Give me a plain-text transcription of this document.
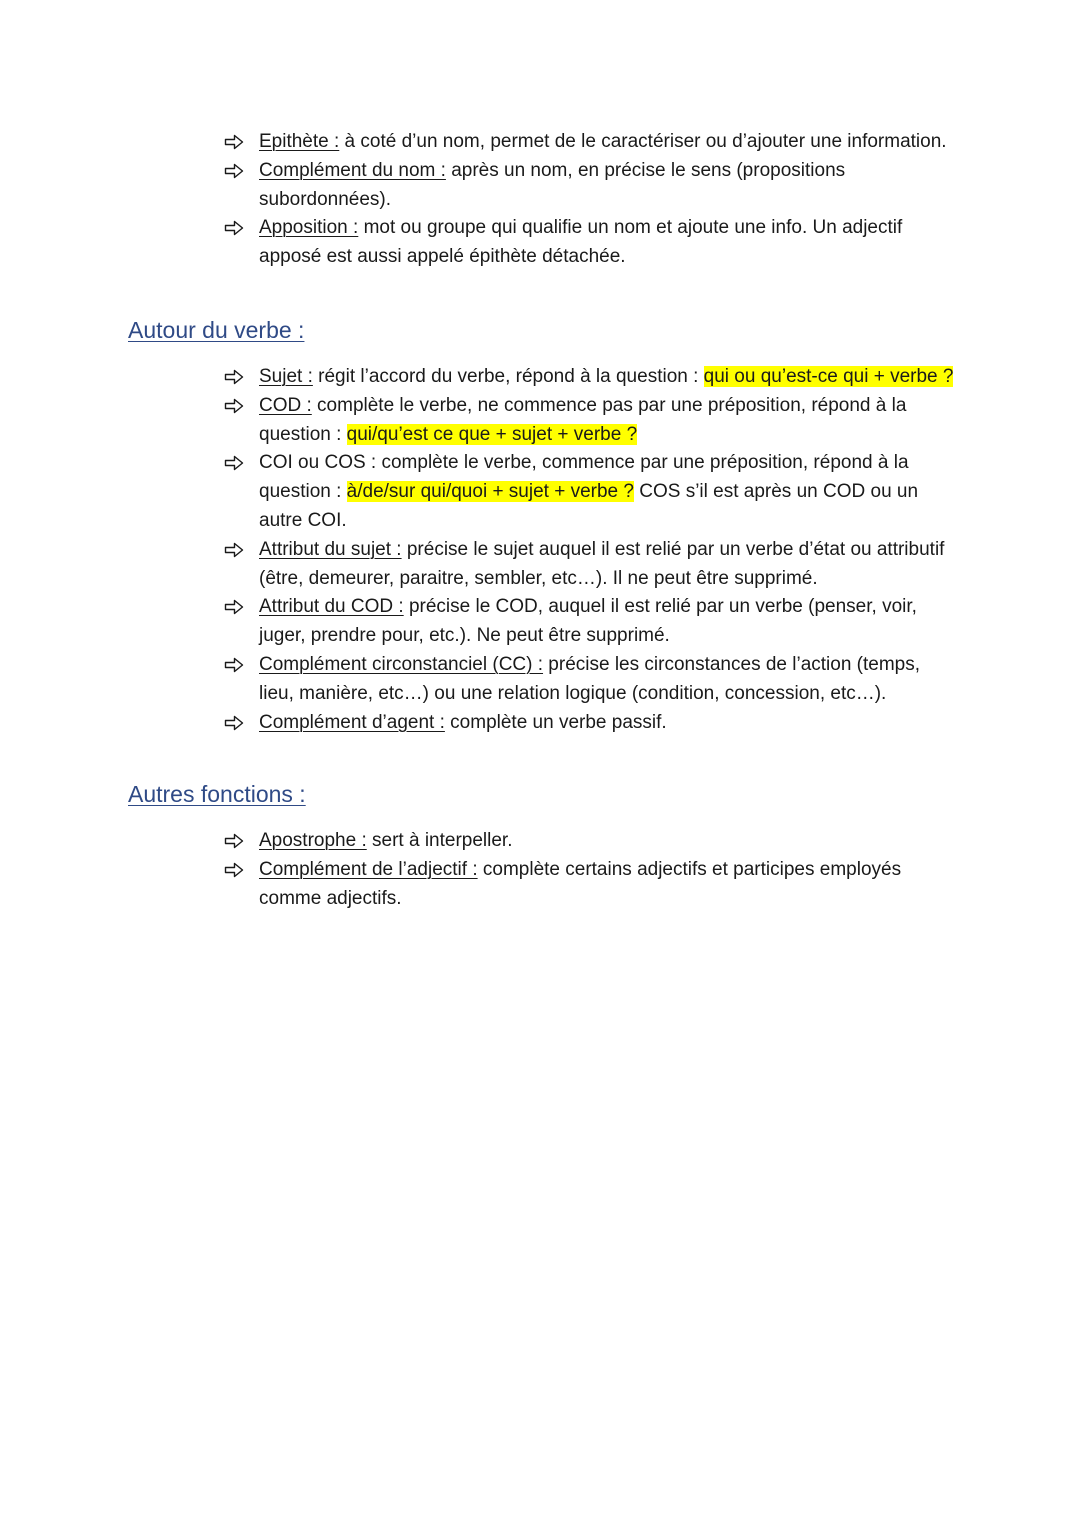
Epithète : à coté d’un nom, permet de le caractériser ou d’ajouter une information.
Complément du nom : après un nom, en précise le sens (propositions subordonnées).
Apposition : mot ou groupe qui qualifie un nom et ajoute une info. Un adjectif apposé est aussi appelé épithète détachée.
Autour du verbe :
Sujet : régit l’accord du verbe, répond à la question : qui ou qu’est-ce qui + verbe ?
COD : complète le verbe, ne commence pas par une préposition, répond à la question : qui/qu’est ce que + sujet + verbe ?
COI ou COS : complète le verbe, commence par une préposition, répond à la question : à/de/sur qui/quoi + sujet + verbe ? COS s’il est après un COD ou un autre COI.
Attribut du sujet : précise le sujet auquel il est relié par un verbe d’état ou attributif (être, demeurer, paraitre, sembler, etc…). Il ne peut être supprimé.
Attribut du COD : précise le COD, auquel il est relié par un verbe (penser, voir, juger, prendre pour, etc.). Ne peut être supprimé.
Complément circonstanciel (CC) : précise les circonstances de l’action (temps, lieu, manière, etc…) ou une relation logique (condition, concession, etc…).
Complément d’agent : complète un verbe passif.
Autres fonctions :
Apostrophe : sert à interpeller.
Complément de l’adjectif : complète certains adjectifs et participes employés comme adjectifs.
